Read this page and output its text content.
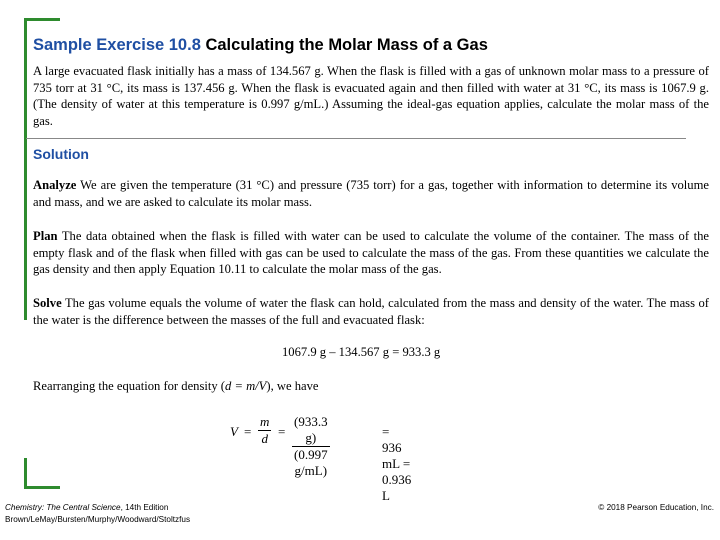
Sample Exercise 10.8 Calculating the Molar Mass of a Gas

A large evacuated flask initially has a mass of 134.567 g. When the flask is filled with a gas of unknown molar mass to a pressure of 735 torr at 31 °C, its mass is 137.456 g. When the flask is evacuated again and then filled with water at 31 °C, its mass is 1067.9 g. (The density of water at this temperature is 0.997 g/mL.) Assuming the ideal-gas equation applies, calculate the molar mass of the gas.

Solution

Analyze We are given the temperature (31 °C) and pressure (735 torr) for a gas, together with information to determine its volume and mass, and we are asked to calculate its molar mass.

Plan The data obtained when the flask is filled with water can be used to calculate the volume of the container. The mass of the empty flask and of the flask when filled with gas can be used to calculate the mass of the gas. From these quantities we calculate the gas density and then apply Equation 10.11 to calculate the molar mass of the gas.

Solve The gas volume equals the volume of water the flask can hold, calculated from the mass and density of the water. The mass of the water is the difference between the masses of the full and evacuated flask:

1067.9 g – 134.567 g = 933.3 g

Rearranging the equation for density (d = m/V), we have

$V = \frac{m}{d} = \frac{(933.3 g)}{(0.997 g/mL)}$	= 936 mL = 0.936 L

Chemistry: The Central Science, 14th Edition
Brown/LeMay/Bursten/Murphy/Woodward/Stoltzfus

© 2018 Pearson Education, Inc.
